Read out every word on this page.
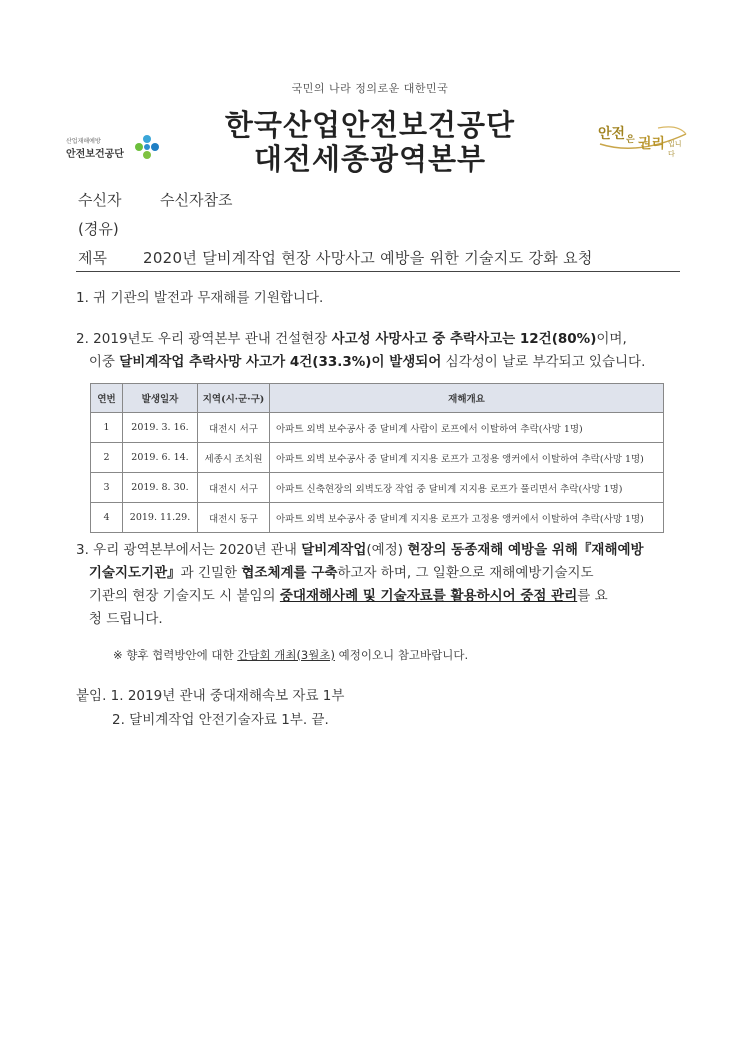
국민의 나라 정의로운 대한민국
한국산업안전보건공단
대전세종광역본부
산업재해예방
안전보건공단
안전 은 권리 입니다
수신자	수신자참조
(경유)
제목 2020년 달비계작업 현장 사망사고 예방을 위한 기술지도 강화 요청
1. 귀 기관의 발전과 무재해를 기원합니다.
2. 2019년도 우리 광역본부 관내 건설현장 사고성 사망사고 중 추락사고는 12건(80%)이며,
이중 달비계작업 추락사망 사고가 4건(33.3%)이 발생되어 심각성이 날로 부각되고 있습니다.
연번	발생일자	지역(시·군·구)	재해개요
1	2019. 3. 16.	대전시 서구	아파트 외벽 보수공사 중 달비계 사람이 로프에서 이탈하여 추락(사망 1명)
2	2019. 6. 14.	세종시 조치원	아파트 외벽 보수공사 중 달비계 지지용 로프가 고정용 앵커에서 이탈하여 추락(사망 1명)
3	2019. 8. 30.	대전시 서구	아파트 신축현장의 외벽도장 작업 중 달비계 지지용 로프가 풀리면서 추락(사망 1명)
4	2019. 11.29.	대전시 동구	아파트 외벽 보수공사 중 달비계 지지용 로프가 고정용 앵커에서 이탈하여 추락(사망 1명)
3. 우리 광역본부에서는 2020년 관내 달비계작업(예정) 현장의 동종재해 예방을 위해『재해예방
기술지도기관』과 긴밀한 협조체계를 구축하고자 하며, 그 일환으로 재해예방기술지도
기관의 현장 기술지도 시 붙임의 중대재해사례 및 기술자료를 활용하시어 중점 관리를 요
청 드립니다.
※ 향후 협력방안에 대한 간담회 개최(3월초) 예정이오니 참고바랍니다.
붙임. 1. 2019년 관내 중대재해속보 자료 1부
2. 달비계작업 안전기술자료 1부. 끝.
